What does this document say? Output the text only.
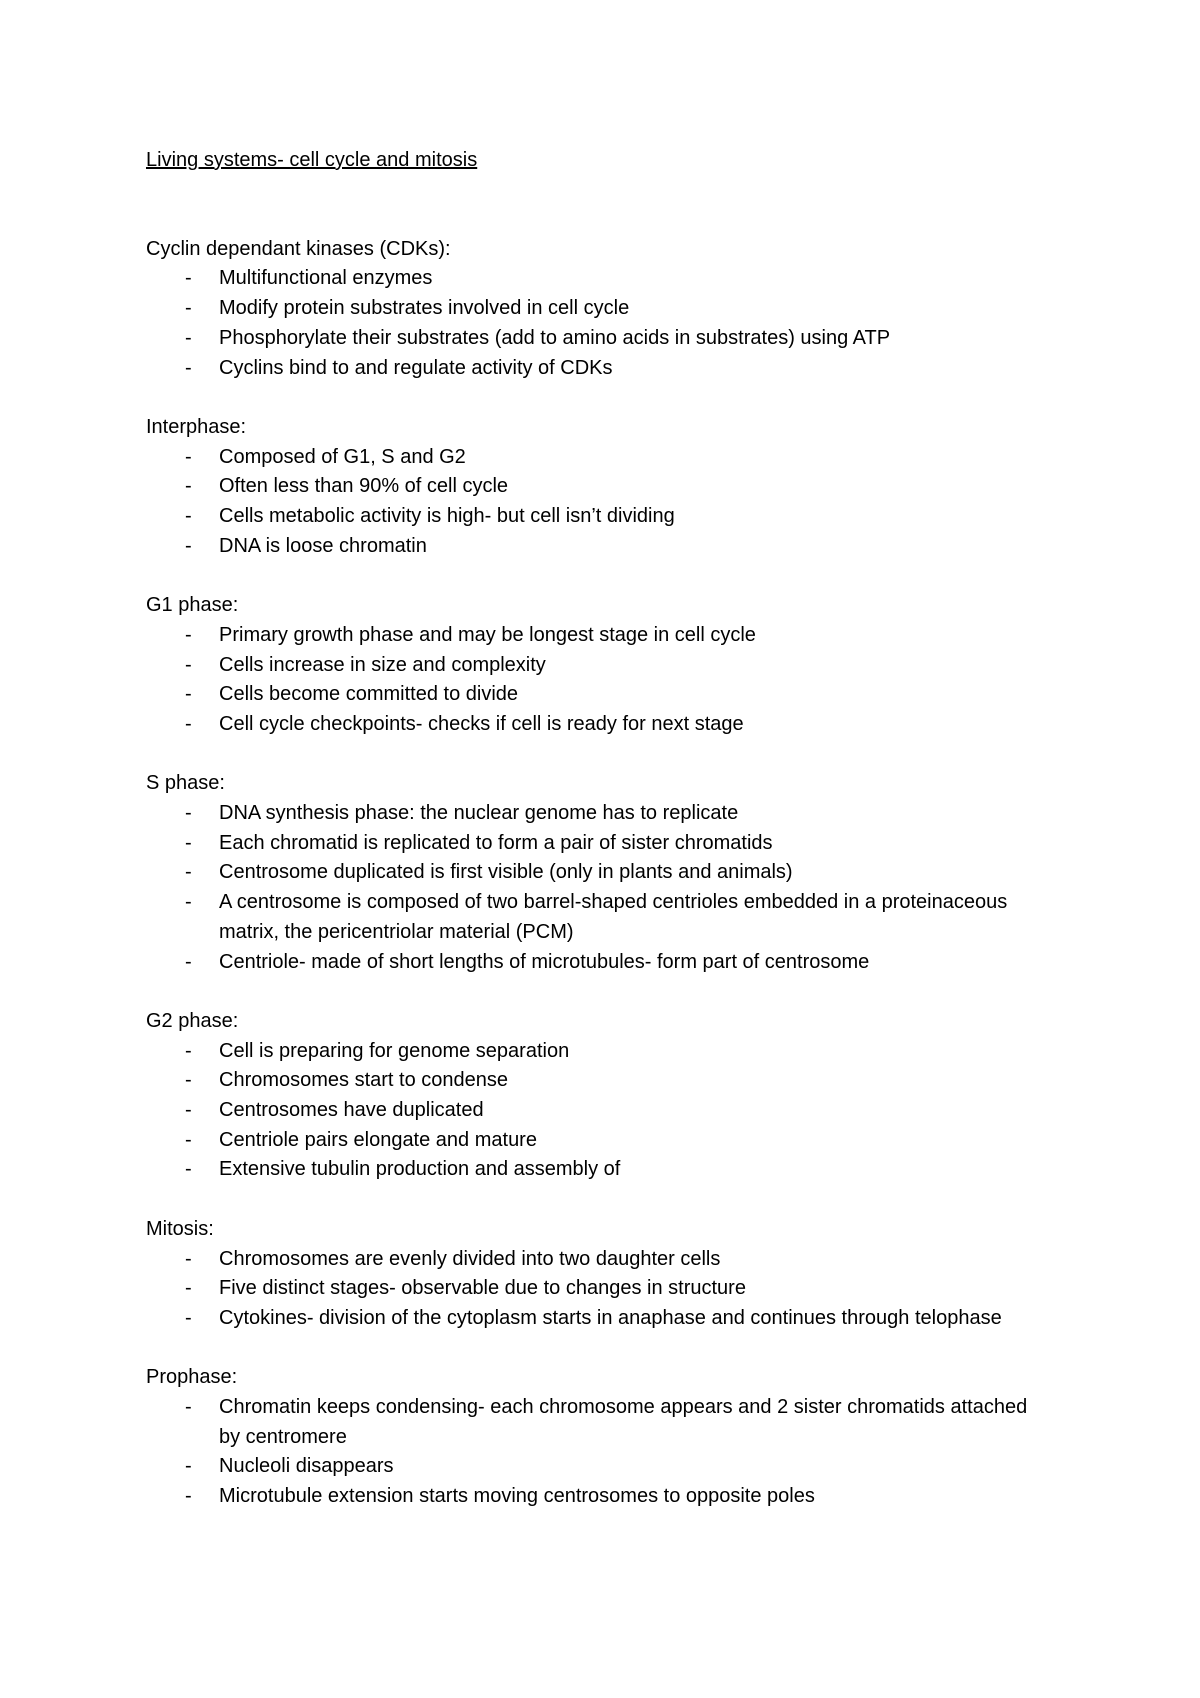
Living systems- cell cycle and mitosis
Cyclin dependant kinases (CDKs):
- Multifunctional enzymes
- Modify protein substrates involved in cell cycle
- Phosphorylate their substrates (add to amino acids in substrates) using ATP
- Cyclins bind to and regulate activity of CDKs
Interphase:
- Composed of G1, S and G2
- Often less than 90% of cell cycle
- Cells metabolic activity is high- but cell isn’t dividing
- DNA is loose chromatin
G1 phase:
- Primary growth phase and may be longest stage in cell cycle
- Cells increase in size and complexity
- Cells become committed to divide
- Cell cycle checkpoints- checks if cell is ready for next stage
S phase:
- DNA synthesis phase: the nuclear genome has to replicate
- Each chromatid is replicated to form a pair of sister chromatids
- Centrosome duplicated is first visible (only in plants and animals)
- A centrosome is composed of two barrel-shaped centrioles embedded in a proteinaceous matrix, the pericentriolar material (PCM)
- Centriole- made of short lengths of microtubules- form part of centrosome
G2 phase:
- Cell is preparing for genome separation
- Chromosomes start to condense
- Centrosomes have duplicated
- Centriole pairs elongate and mature
- Extensive tubulin production and assembly of
Mitosis:
- Chromosomes are evenly divided into two daughter cells
- Five distinct stages- observable due to changes in structure
- Cytokines- division of the cytoplasm starts in anaphase and continues through telophase
Prophase:
- Chromatin keeps condensing- each chromosome appears and 2 sister chromatids attached by centromere
- Nucleoli disappears
- Microtubule extension starts moving centrosomes to opposite poles
